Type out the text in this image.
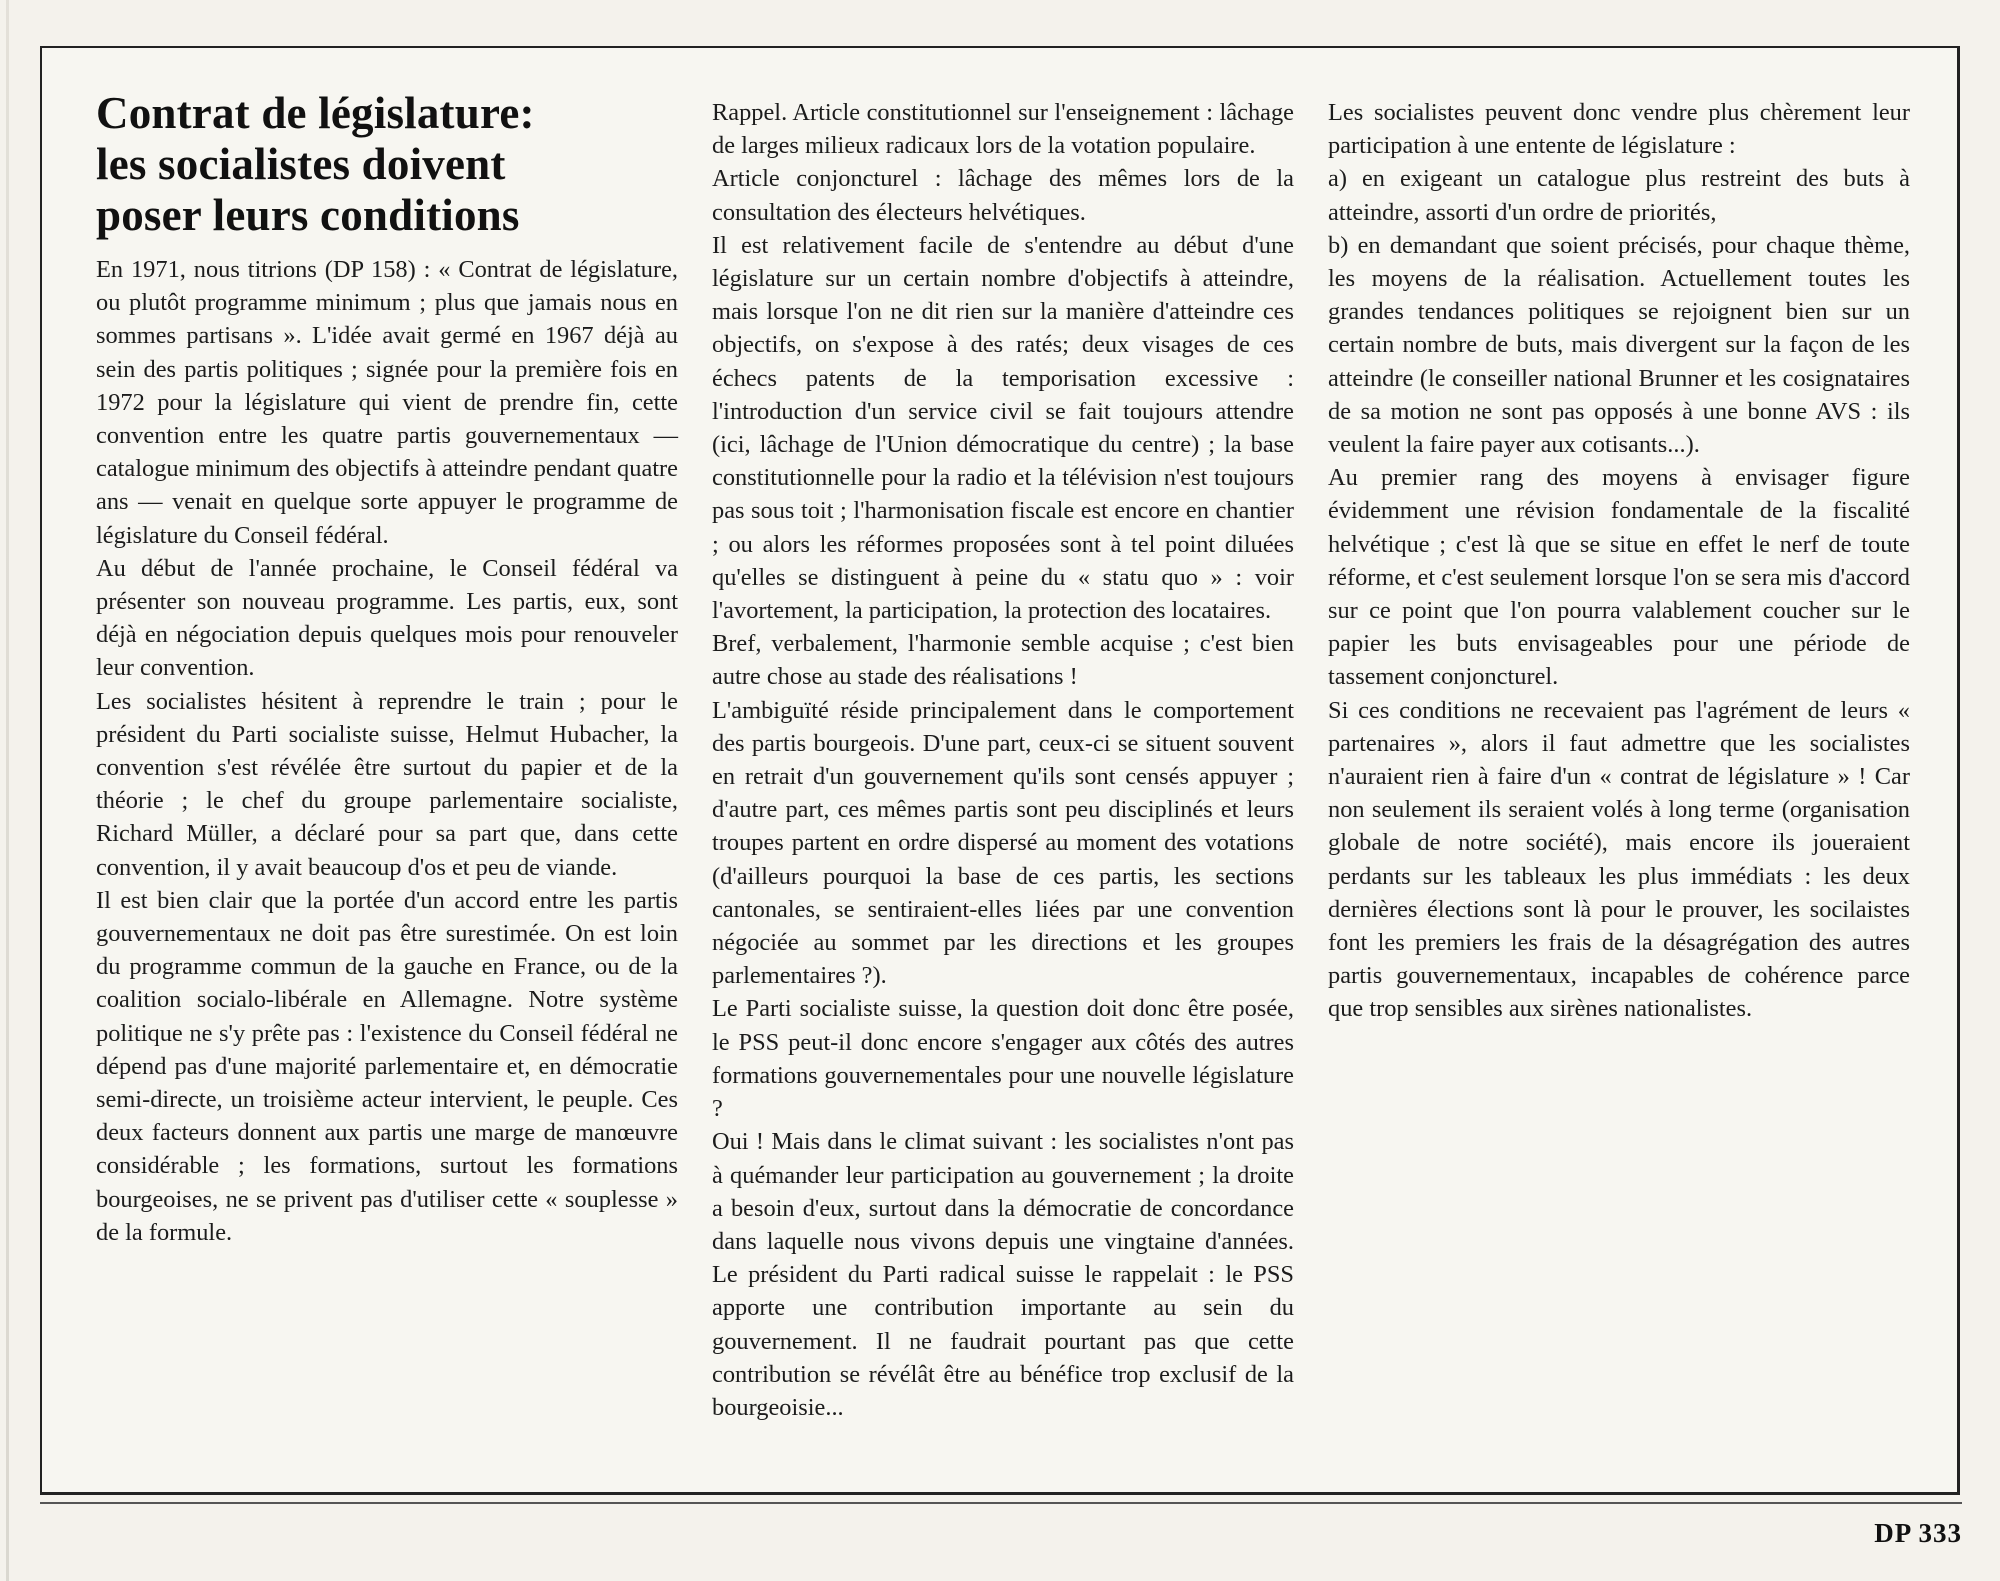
Contrat de législature:
les socialistes doivent
poser leurs conditions

En 1971, nous titrions (DP 158) : « Contrat de législature, ou plutôt programme minimum ; plus que jamais nous en sommes partisans ». L'idée avait germé en 1967 déjà au sein des partis politiques ; signée pour la première fois en 1972 pour la législature qui vient de prendre fin, cette convention entre les quatre partis gouvernementaux — catalogue minimum des objectifs à atteindre pendant quatre ans — venait en quelque sorte appuyer le programme de législature du Conseil fédéral.

Au début de l'année prochaine, le Conseil fédéral va présenter son nouveau programme. Les partis, eux, sont déjà en négociation depuis quelques mois pour renouveler leur convention.

Les socialistes hésitent à reprendre le train ; pour le président du Parti socialiste suisse, Helmut Hubacher, la convention s'est révélée être surtout du papier et de la théorie ; le chef du groupe parlementaire socialiste, Richard Müller, a déclaré pour sa part que, dans cette convention, il y avait beaucoup d'os et peu de viande.

Il est bien clair que la portée d'un accord entre les partis gouvernementaux ne doit pas être surestimée. On est loin du programme commun de la gauche en France, ou de la coalition socialo-libérale en Allemagne. Notre système politique ne s'y prête pas : l'existence du Conseil fédéral ne dépend pas d'une majorité parlementaire et, en démocratie semi-directe, un troisième acteur intervient, le peuple. Ces deux facteurs donnent aux partis une marge de manœuvre considérable ; les formations, surtout les formations bourgeoises, ne se privent pas d'utiliser cette « souplesse » de la formule.

Rappel. Article constitutionnel sur l'enseignement : lâchage de larges milieux radicaux lors de la votation populaire.

Article conjoncturel : lâchage des mêmes lors de la consultation des électeurs helvétiques.

Il est relativement facile de s'entendre au début d'une législature sur un certain nombre d'objectifs à atteindre, mais lorsque l'on ne dit rien sur la manière d'atteindre ces objectifs, on s'expose à des ratés; deux visages de ces échecs patents de la temporisation excessive : l'introduction d'un service civil se fait toujours attendre (ici, lâchage de l'Union démocratique du centre) ; la base constitutionnelle pour la radio et la télévision n'est toujours pas sous toit ; l'harmonisation fiscale est encore en chantier ; ou alors les réformes proposées sont à tel point diluées qu'elles se distinguent à peine du « statu quo » : voir l'avortement, la participation, la protection des locataires.

Bref, verbalement, l'harmonie semble acquise ; c'est bien autre chose au stade des réalisations !

L'ambiguïté réside principalement dans le comportement des partis bourgeois. D'une part, ceux-ci se situent souvent en retrait d'un gouvernement qu'ils sont censés appuyer ; d'autre part, ces mêmes partis sont peu disciplinés et leurs troupes partent en ordre dispersé au moment des votations (d'ailleurs pourquoi la base de ces partis, les sections cantonales, se sentiraient-elles liées par une convention négociée au sommet par les directions et les groupes parlementaires ?).

Le Parti socialiste suisse, la question doit donc être posée, le PSS peut-il donc encore s'engager aux côtés des autres formations gouvernementales pour une nouvelle législature ?

Oui ! Mais dans le climat suivant : les socialistes n'ont pas à quémander leur participation au gouvernement ; la droite a besoin d'eux, surtout dans la démocratie de concordance dans laquelle nous vivons depuis une vingtaine d'années. Le président du Parti radical suisse le rappelait : le PSS apporte une contribution importante au sein du gouvernement. Il ne faudrait pourtant pas que cette contribution se révélât être au bénéfice trop exclusif de la bourgeoisie...

Les socialistes peuvent donc vendre plus chèrement leur participation à une entente de législature :

a) en exigeant un catalogue plus restreint des buts à atteindre, assorti d'un ordre de priorités,

b) en demandant que soient précisés, pour chaque thème, les moyens de la réalisation. Actuellement toutes les grandes tendances politiques se rejoignent bien sur un certain nombre de buts, mais divergent sur la façon de les atteindre (le conseiller national Brunner et les cosignataires de sa motion ne sont pas opposés à une bonne AVS : ils veulent la faire payer aux cotisants...).

Au premier rang des moyens à envisager figure évidemment une révision fondamentale de la fiscalité helvétique ; c'est là que se situe en effet le nerf de toute réforme, et c'est seulement lorsque l'on se sera mis d'accord sur ce point que l'on pourra valablement coucher sur le papier les buts envisageables pour une période de tassement conjoncturel.

Si ces conditions ne recevaient pas l'agrément de leurs « partenaires », alors il faut admettre que les socialistes n'auraient rien à faire d'un « contrat de législature » ! Car non seulement ils seraient volés à long terme (organisation globale de notre société), mais encore ils joueraient perdants sur les tableaux les plus immédiats : les deux dernières élections sont là pour le prouver, les socilaistes font les premiers les frais de la désagrégation des autres partis gouvernementaux, incapables de cohérence parce que trop sensibles aux sirènes nationalistes.

DP 333
